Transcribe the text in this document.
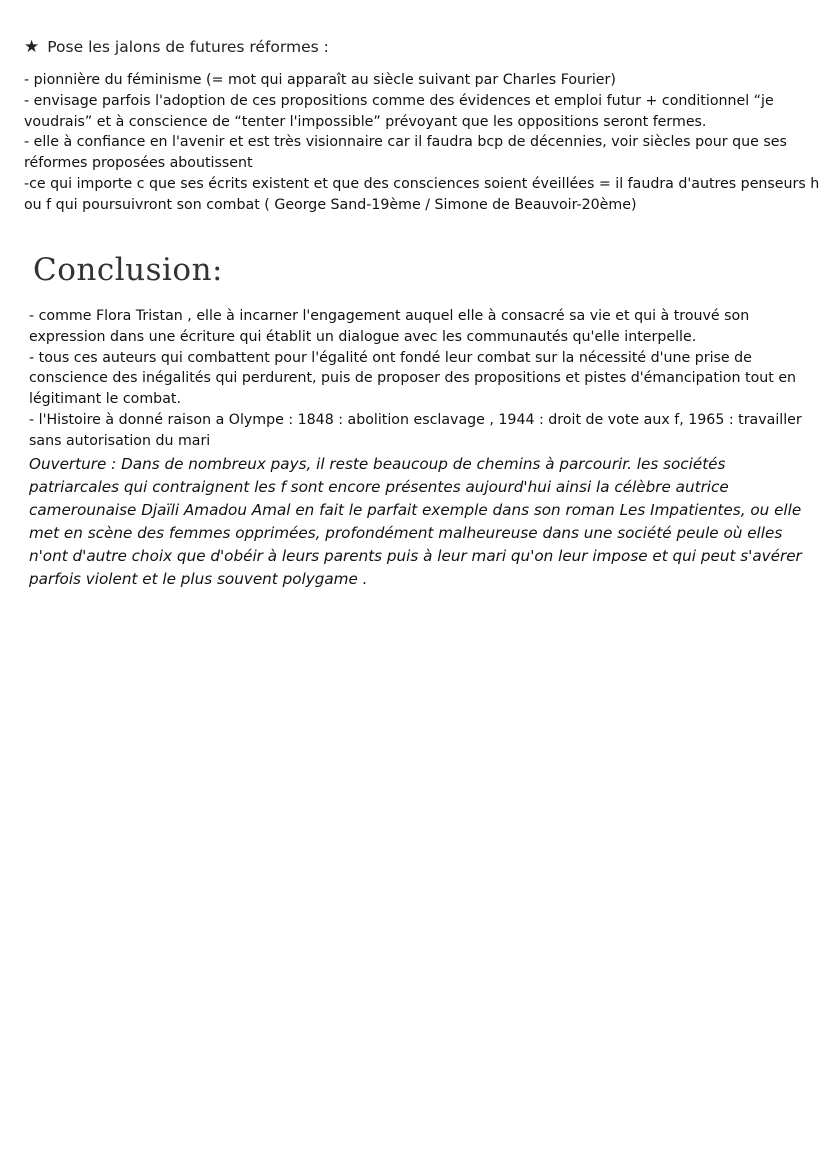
★ Pose les jalons de futures réformes :

- pionnière du féminisme (= mot qui apparaît au siècle suivant par Charles Fourier)

- envisage parfois l'adoption de ces propositions comme des évidences et emploi futur + conditionnel “je voudrais” et à conscience de “tenter l'impossible” prévoyant que les oppositions seront fermes.

- elle à confiance en l'avenir et est très visionnaire car il faudra bcp de décennies, voir siècles pour que ses réformes proposées aboutissent

-ce qui importe c que ses écrits existent et que des consciences soient éveillées = il faudra d'autres penseurs h ou f qui poursuivront son combat ( George Sand-19ème / Simone de Beauvoir-20ème)

Conclusion:

- comme Flora Tristan , elle à incarner l'engagement auquel elle à consacré sa vie et qui à trouvé son expression dans une écriture qui établit un dialogue avec les communautés qu'elle interpelle.

- tous ces auteurs qui combattent pour l'égalité ont fondé leur combat sur la nécessité d'une prise de conscience des inégalités qui perdurent, puis de proposer des propositions et pistes d'émancipation tout en légitimant le combat.

- l'Histoire à donné raison a Olympe : 1848 : abolition esclavage , 1944 : droit de vote aux f, 1965 : travailler sans autorisation du mari

Ouverture : Dans de nombreux pays, il reste beaucoup de chemins à parcourir. les sociétés patriarcales qui contraignent les f sont encore présentes aujourd'hui ainsi la célèbre autrice camerounaise Djaïli Amadou Amal en fait le parfait exemple dans son roman Les Impatientes, ou elle met en scène des femmes opprimées, profondément malheureuse dans une société peule où elles n'ont d'autre choix que d'obéir à leurs parents puis à leur mari qu'on leur impose et qui peut s'avérer parfois violent et le plus souvent polygame .
